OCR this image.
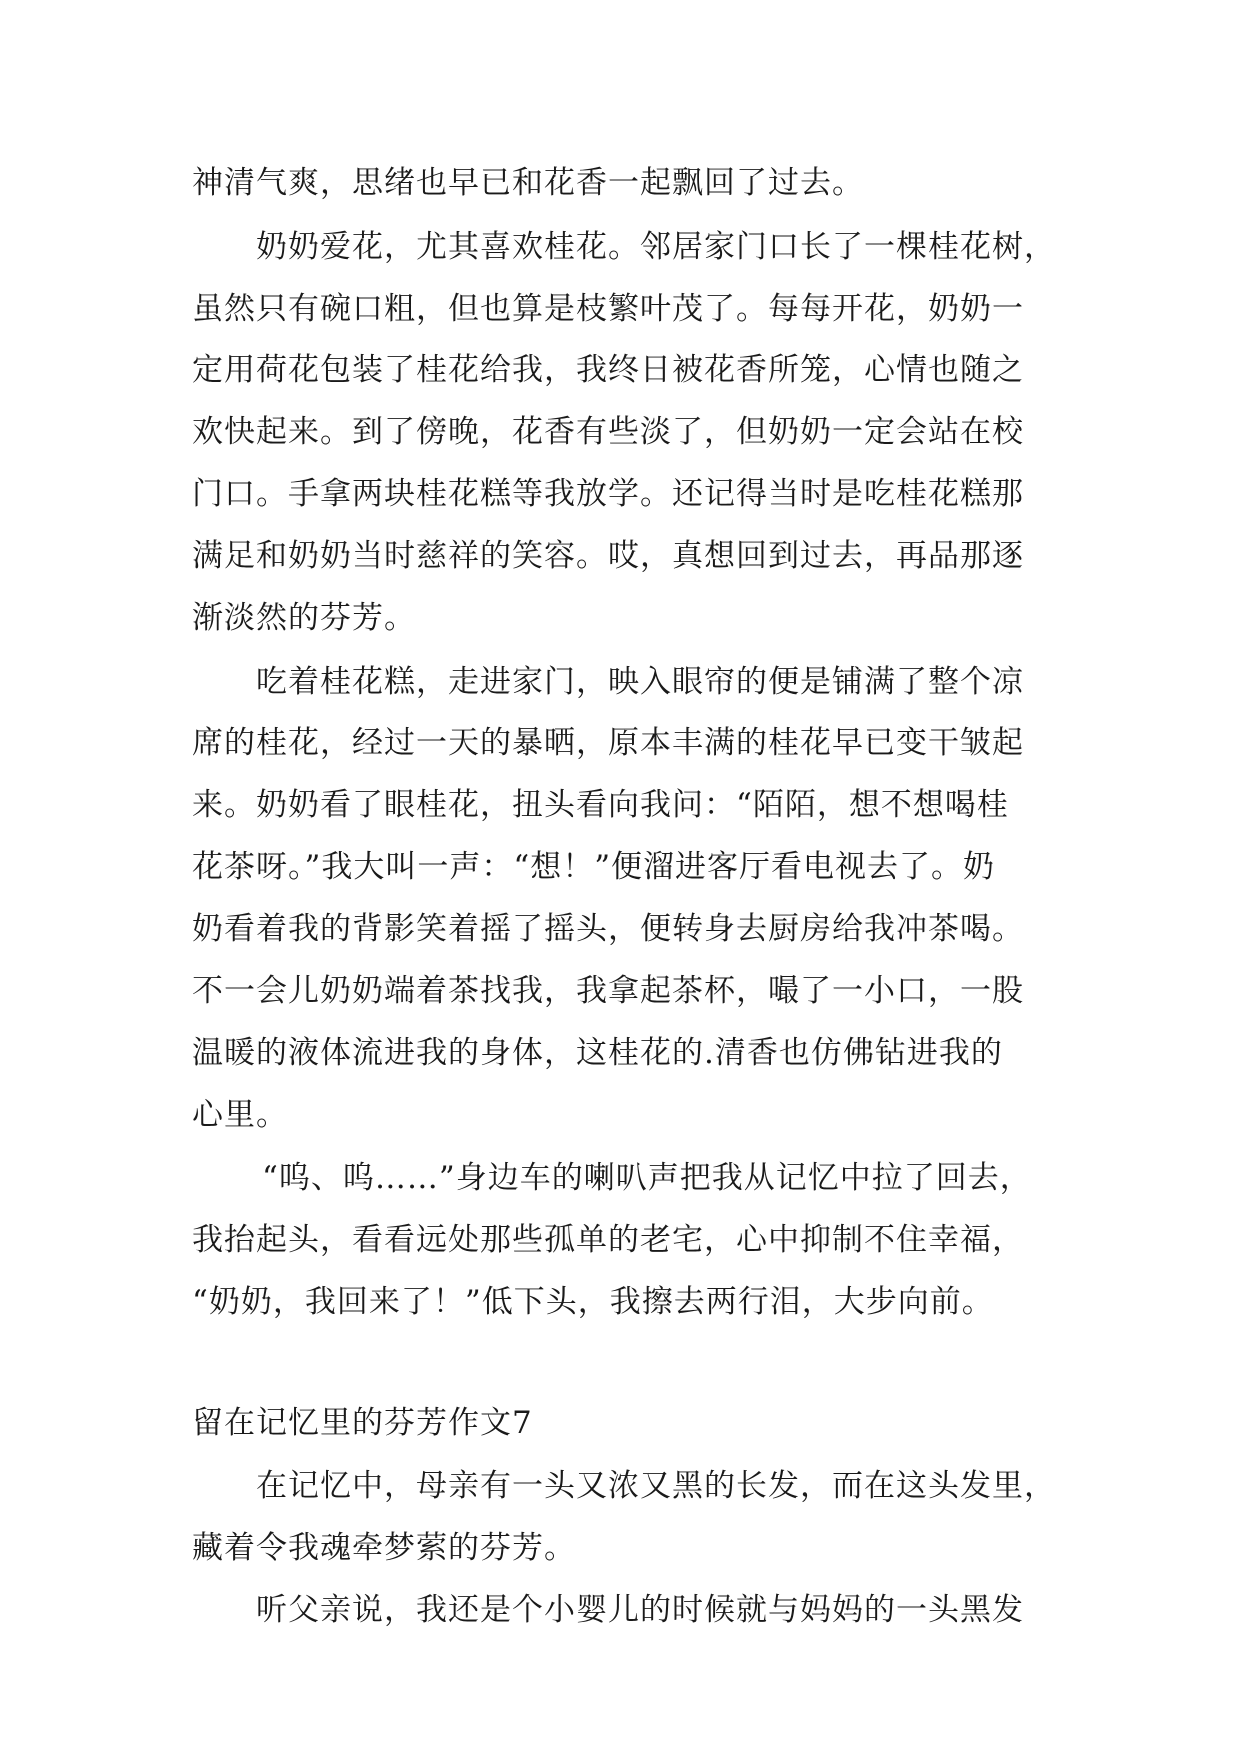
神清气爽，思绪也早已和花香一起飘回了过去。
奶奶爱花，尤其喜欢桂花。邻居家门口长了一棵桂花树，
虽然只有碗口粗，但也算是枝繁叶茂了。每每开花，奶奶一
定用荷花包装了桂花给我，我终日被花香所笼，心情也随之
欢快起来。到了傍晚，花香有些淡了，但奶奶一定会站在校
门口。手拿两块桂花糕等我放学。还记得当时是吃桂花糕那
满足和奶奶当时慈祥的笑容。哎，真想回到过去，再品那逐
渐淡然的芬芳。
吃着桂花糕，走进家门，映入眼帘的便是铺满了整个凉
席的桂花，经过一天的暴晒，原本丰满的桂花早已变干皱起
来。奶奶看了眼桂花，扭头看向我问：“陌陌，想不想喝桂
花茶呀。”我大叫一声：“想！”便溜进客厅看电视去了。奶
奶看着我的背影笑着摇了摇头，便转身去厨房给我冲茶喝。
不一会儿奶奶端着茶找我，我拿起茶杯，嘬了一小口，一股
温暖的液体流进我的身体，这桂花的.清香也仿佛钻进我的
心里。
“呜、呜……”身边车的喇叭声把我从记忆中拉了回去，
我抬起头，看看远处那些孤单的老宅，心中抑制不住幸福，
“奶奶，我回来了！”低下头，我擦去两行泪，大步向前。
留在记忆里的芬芳作文7
在记忆中，母亲有一头又浓又黑的长发，而在这头发里，
藏着令我魂牵梦萦的芬芳。
听父亲说，我还是个小婴儿的时候就与妈妈的一头黑发
